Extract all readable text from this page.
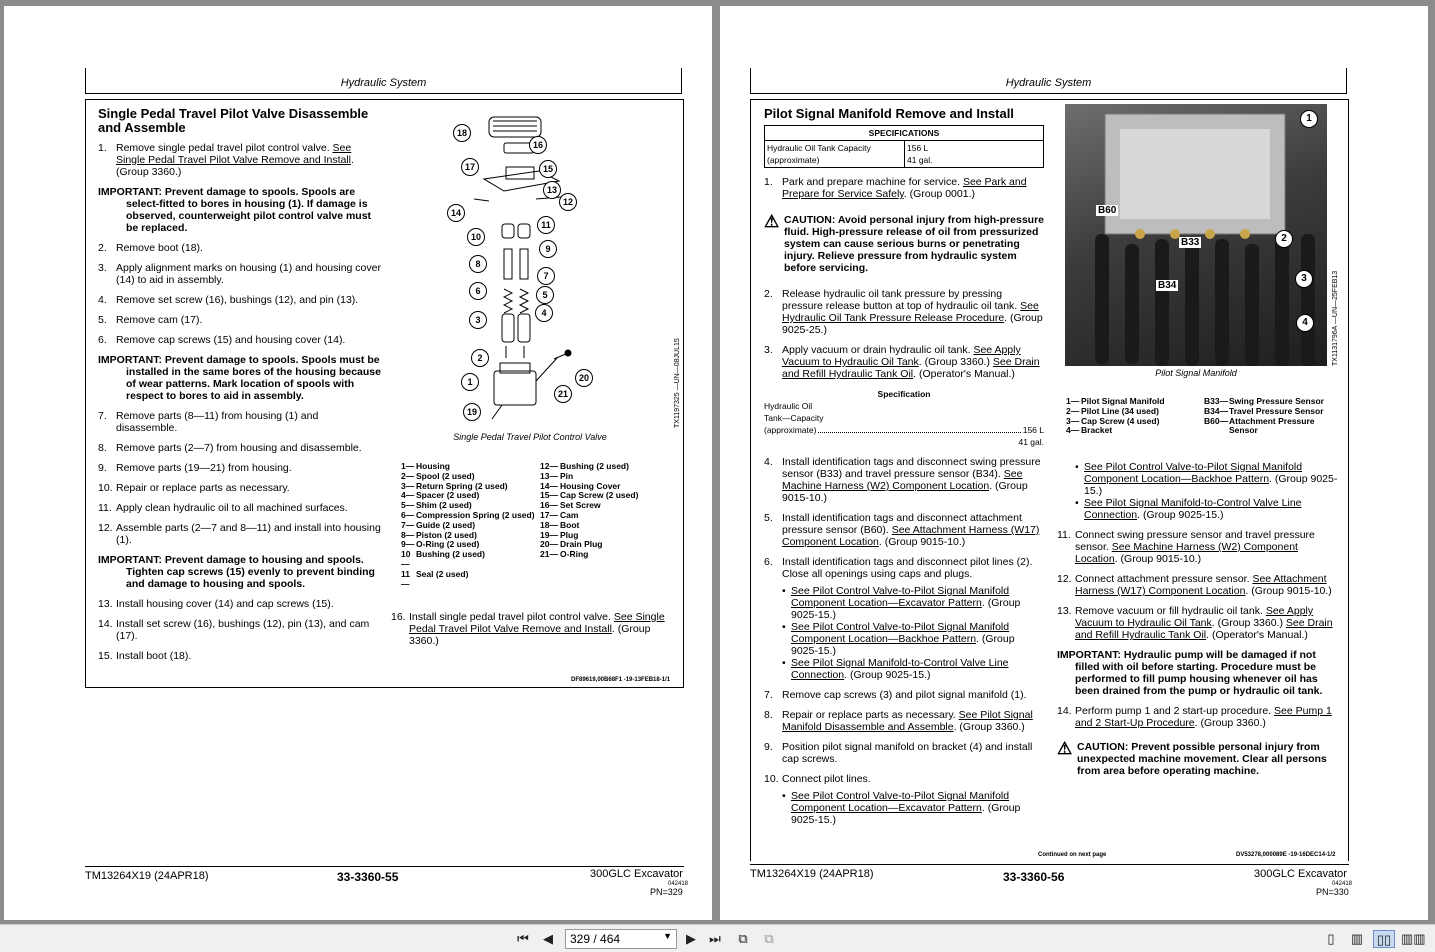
Hydraulic System
Single Pedal Travel Pilot Valve Disassemble and Assemble
1. Remove single pedal travel pilot control valve. See Single Pedal Travel Pilot Valve Remove and Install. (Group 3360.)
IMPORTANT: Prevent damage to spools. Spools are select-fitted to bores in housing (1). If damage is observed, counterweight pilot control valve must be replaced.
2. Remove boot (18).
3. Apply alignment marks on housing (1) and housing cover (14) to aid in assembly.
4. Remove set screw (16), bushings (12), and pin (13).
5. Remove cam (17).
6. Remove cap screws (15) and housing cover (14).
IMPORTANT: Prevent damage to spools. Spools must be installed in the same bores of the housing because of wear patterns. Mark location of spools with respect to bores to aid in assembly.
7. Remove parts (8—11) from housing (1) and disassemble.
8. Remove parts (2—7) from housing and disassemble.
9. Remove parts (19—21) from housing.
10. Repair or replace parts as necessary.
11. Apply clean hydraulic oil to all machined surfaces.
12. Assemble parts (2—7 and 8—11) and install into housing (1).
IMPORTANT: Prevent damage to housing and spools. Tighten cap screws (15) evenly to prevent binding and damage to housing and spools.
13. Install housing cover (14) and cap screws (15).
14. Install set screw (16), bushings (12), pin (13), and cam (17).
15. Install boot (18).
1
2
3
4
5
6
7
8
9
10
11
12
13
14
15
16
17
18
19
20
21	TX1197325 —UN—08JUL15
Single Pedal Travel Pilot Control Valve
1— Housing
2— Spool (2 used)
3— Return Spring (2 used)
4— Spacer (2 used)
5— Shim (2 used)
6— Compression Spring (2 used)
7— Guide (2 used)
8— Piston (2 used)
9— O-Ring (2 used)
10—
Bushing (2 used)
11—
Seal (2 used)
12— Bushing (2 used)
13— Pin
14— Housing Cover
15— Cap Screw (2 used)
16— Set Screw
17— Cam
18— Boot
19— Plug
20— Drain Plug
21— O-Ring
16. Install single pedal travel pilot control valve. See Single Pedal Travel Pilot Valve Remove and Install. (Group 3360.)
DF89619,00B68F1 -19-13FEB18-1/1
TM13264X19 (24APR18)	33-3360-55	300GLC Excavator
042418
PN=329
Hydraulic System
Pilot Signal Manifold Remove and Install
SPECIFICATIONS
Hydraulic Oil Tank Capacity (approximate)	156 L
41 gal.
1. Park and prepare machine for service. See Park and Prepare for Service Safely. (Group 0001.)
⚠ CAUTION: Avoid personal injury from high-pressure fluid. High-pressure release of oil from pressurized system can cause serious burns or penetrating injury. Relieve pressure from hydraulic system before servicing.
2. Release hydraulic oil tank pressure by pressing pressure release button at top of hydraulic oil tank. See Hydraulic Oil Tank Pressure Release Procedure. (Group 9025-25.)
3. Apply vacuum or drain hydraulic oil tank. See Apply Vacuum to Hydraulic Oil Tank. (Group 3360.) See Drain and Refill Hydraulic Tank Oil. (Operator's Manual.)
Specification
Hydraulic Oil
Tank—Capacity
(approximate)	156 L
41 gal.
4. Install identification tags and disconnect swing pressure sensor (B33) and travel pressure sensor (B34). See Machine Harness (W2) Component Location. (Group 9015-10.)
5. Install identification tags and disconnect attachment pressure sensor (B60). See Attachment Harness (W17) Component Location. (Group 9015-10.)
6. Install identification tags and disconnect pilot lines (2). Close all openings using caps and plugs.
• See Pilot Control Valve-to-Pilot Signal Manifold Component Location—Excavator Pattern. (Group 9025-15.)
• See Pilot Control Valve-to-Pilot Signal Manifold Component Location—Backhoe Pattern. (Group 9025-15.)
• See Pilot Signal Manifold-to-Control Valve Line Connection. (Group 9025-15.)
7. Remove cap screws (3) and pilot signal manifold (1).
8. Repair or replace parts as necessary. See Pilot Signal Manifold Disassemble and Assemble. (Group 3360.)
9. Position pilot signal manifold on bracket (4) and install cap screws.
10. Connect pilot lines.
• See Pilot Control Valve-to-Pilot Signal Manifold Component Location—Excavator Pattern. (Group 9025-15.)
B60
B33
B34
1
2
3
4	TX1131796A —UN—25FEB13
Pilot Signal Manifold
1— Pilot Signal Manifold
2— Pilot Line (34 used)
3— Cap Screw (4 used)
4— Bracket
B33— Swing Pressure Sensor
B34— Travel Pressure Sensor
B60— Attachment Pressure Sensor
• See Pilot Control Valve-to-Pilot Signal Manifold Component Location—Backhoe Pattern. (Group 9025-15.)
• See Pilot Signal Manifold-to-Control Valve Line Connection. (Group 9025-15.)
11. Connect swing pressure sensor and travel pressure sensor. See Machine Harness (W2) Component Location. (Group 9015-10.)
12. Connect attachment pressure sensor. See Attachment Harness (W17) Component Location. (Group 9015-10.)
13. Remove vacuum or fill hydraulic oil tank. See Apply Vacuum to Hydraulic Oil Tank. (Group 3360.) See Drain and Refill Hydraulic Tank Oil. (Operator's Manual.)
IMPORTANT: Hydraulic pump will be damaged if not filled with oil before starting. Procedure must be performed to fill pump housing whenever oil has been drained from the pump or hydraulic oil tank.
14. Perform pump 1 and 2 start-up procedure. See Pump 1 and 2 Start-Up Procedure. (Group 3360.)
⚠ CAUTION: Prevent possible personal injury from unexpected machine movement. Clear all persons from area before operating machine.
Continued on next page	DV53278,000089E -19-16DEC14-1/2
TM13264X19 (24APR18)	33-3360-56	300GLC Excavator
042418
PN=330
⏮ ◀	329 / 464	▼ ▶ ⏭	⧉	⧉	▯	▥ ▯▯ ▥▥
